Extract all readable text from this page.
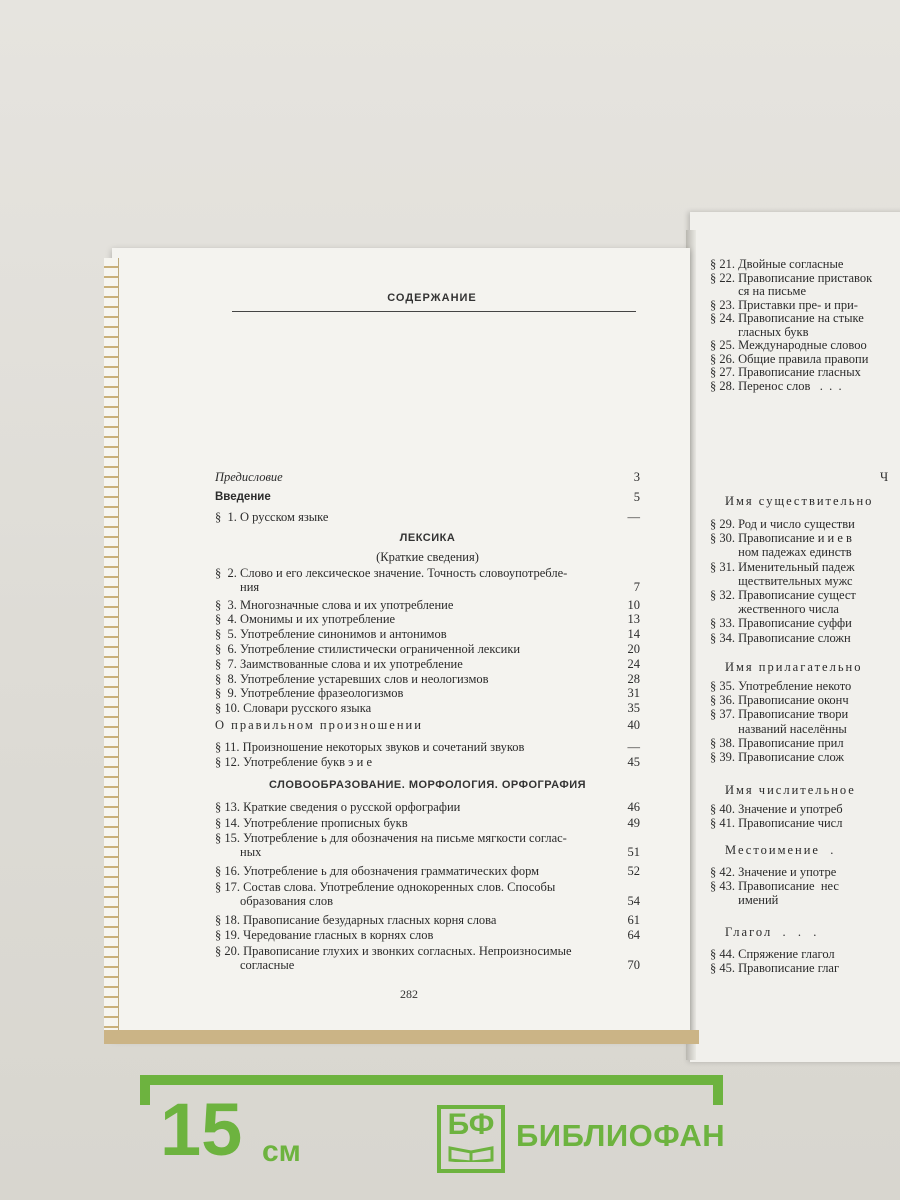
СОДЕРЖАНИЕ
Предисловие	3
Введение	5
§  1. О русском языке	—
ЛЕКСИКА
(Краткие сведения)
§  2. Слово и его лексическое значение. Точность словоупотребле-
ния	7
§  3. Многозначные слова и их употребление	10
§  4. Омонимы и их употребление	13
§  5. Употребление синонимов и антонимов	14
§  6. Употребление стилистически ограниченной лексики	20
§  7. Заимствованные слова и их употребление	24
§  8. Употребление устаревших слов и неологизмов	28
§  9. Употребление фразеологизмов	31
§ 10. Словари русского языка	35
О правильном произношении	40
§ 11. Произношение некоторых звуков и сочетаний звуков	—
§ 12. Употребление букв э и е	45
СЛОВООБРАЗОВАНИЕ. МОРФОЛОГИЯ. ОРФОГРАФИЯ
§ 13. Краткие сведения о русской орфографии	46
§ 14. Употребление прописных букв	49
§ 15. Употребление ь для обозначения на письме мягкости соглас-
ных	51
§ 16. Употребление ь для обозначения грамматических форм	52
§ 17. Состав слова. Употребление однокоренных слов. Способы
образования слов	54
§ 18. Правописание безударных гласных корня слова	61
§ 19. Чередование гласных в корнях слов	64
§ 20. Правописание глухих и звонких согласных. Непроизносимые
согласные	70
282
§ 21. Двойные согласные
§ 22. Правописание приставок
ся на письме
§ 23. Приставки пре- и при-
§ 24. Правописание на стыке
гласных букв
§ 25. Международные словоо
§ 26. Общие правила правопи
§ 27. Правописание гласных
§ 28. Перенос слов   .  .  .
Ч
Имя существительно
§ 29. Род и число существи
§ 30. Правописание и и е в
ном падежах единств
§ 31. Именительный падеж
ществительных мужс
§ 32. Правописание сущест
жественного числа
§ 33. Правописание суффи
§ 34. Правописание сложн
Имя прилагательно
§ 35. Употребление некото
§ 36. Правописание оконч
§ 37. Правописание твори
названий населённы
§ 38. Правописание прил
§ 39. Правописание слож
Имя числительное
§ 40. Значение и употреб
§ 41. Правописание числ
Местоимение  .
§ 42. Значение и употре
§ 43. Правописание  нес
имений
Глагол  .  .  .
§ 44. Спряжение глагол
§ 45. Правописание глаг
15 см
БФ БИБЛИОФАН
